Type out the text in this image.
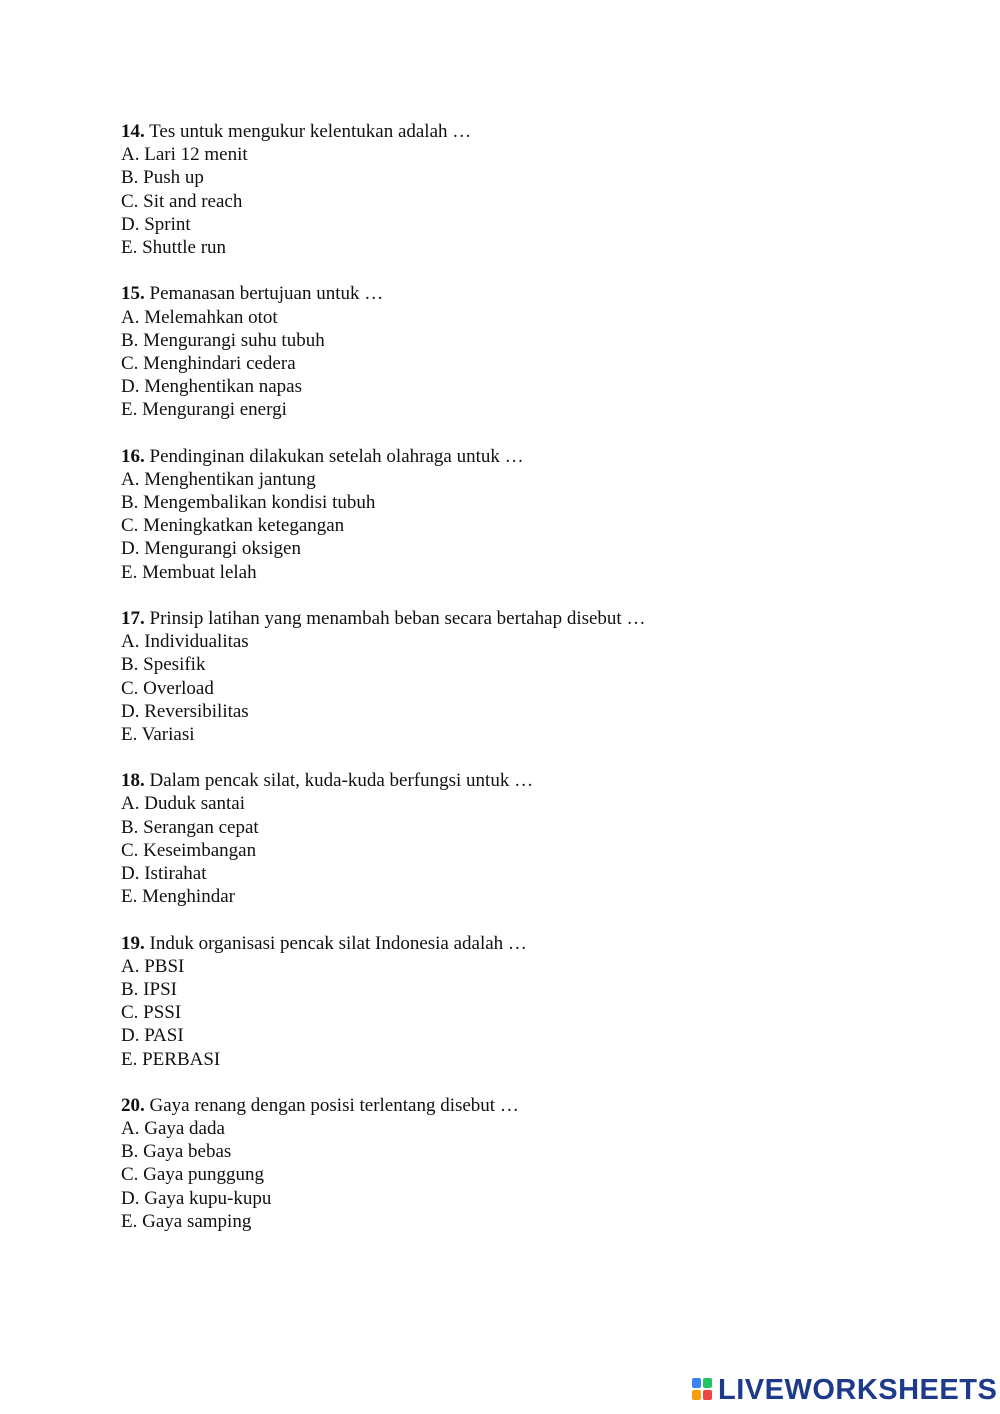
14. Tes untuk mengukur kelentukan adalah …
A. Lari 12 menit
B. Push up
C. Sit and reach
D. Sprint
E. Shuttle run
15. Pemanasan bertujuan untuk …
A. Melemahkan otot
B. Mengurangi suhu tubuh
C. Menghindari cedera
D. Menghentikan napas
E. Mengurangi energi
16. Pendinginan dilakukan setelah olahraga untuk …
A. Menghentikan jantung
B. Mengembalikan kondisi tubuh
C. Meningkatkan ketegangan
D. Mengurangi oksigen
E. Membuat lelah
17. Prinsip latihan yang menambah beban secara bertahap disebut …
A. Individualitas
B. Spesifik
C. Overload
D. Reversibilitas
E. Variasi
18. Dalam pencak silat, kuda-kuda berfungsi untuk …
A. Duduk santai
B. Serangan cepat
C. Keseimbangan
D. Istirahat
E. Menghindar
19. Induk organisasi pencak silat Indonesia adalah …
A. PBSI
B. IPSI
C. PSSI
D. PASI
E. PERBASI
20. Gaya renang dengan posisi terlentang disebut …
A. Gaya dada
B. Gaya bebas
C. Gaya punggung
D. Gaya kupu-kupu
E. Gaya samping
LIVEWORKSHEETS
